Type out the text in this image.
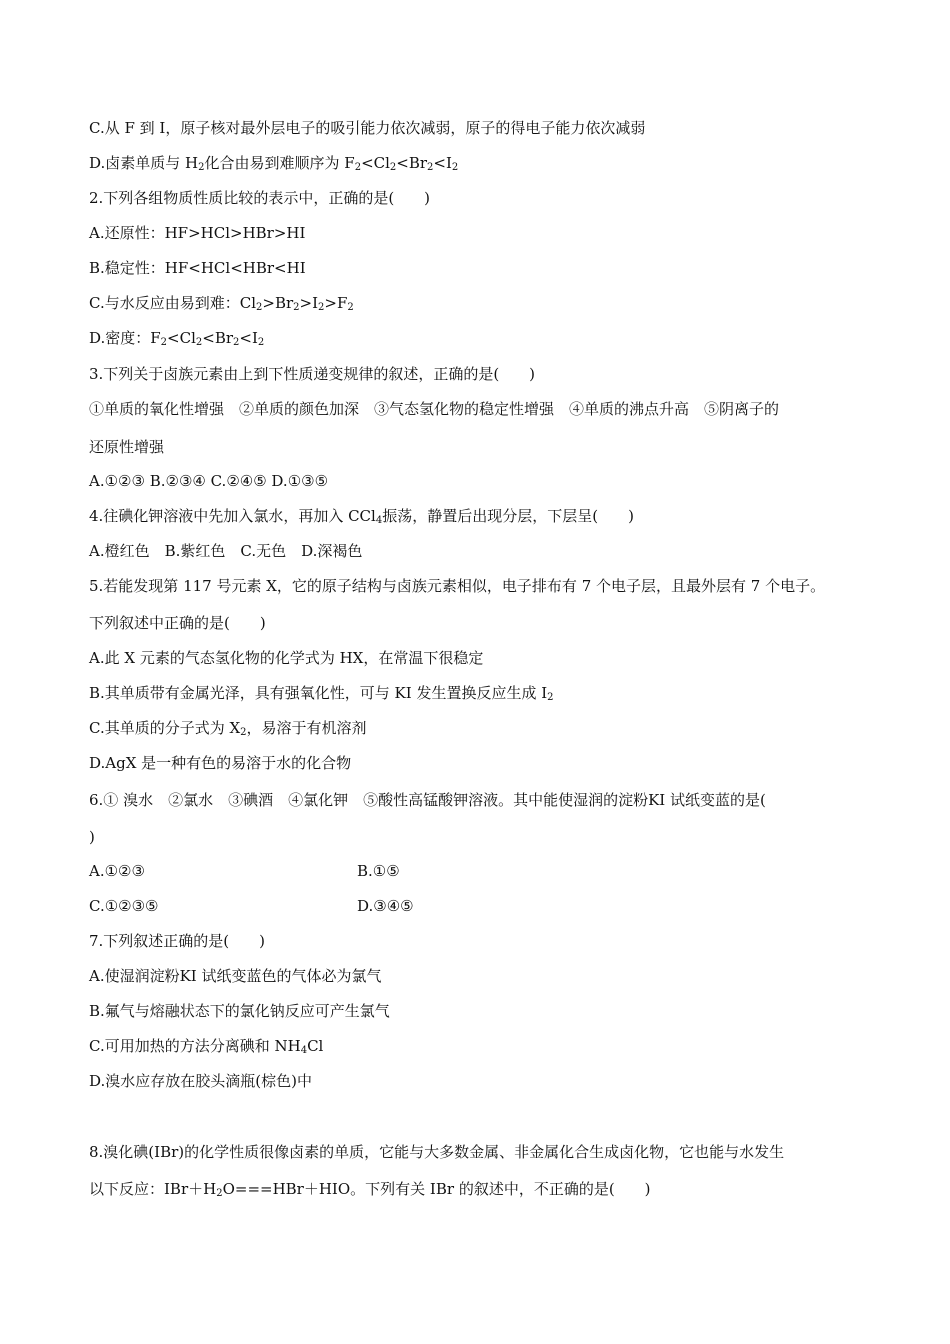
C.从 F 到 I，原子核对最外层电子的吸引能力依次减弱，原子的得电子能力依次减弱
D.卤素单质与 $H_2$化合由易到难顺序为 $F_2<Cl_2<Br_2<I_2$
2.下列各组物质性质比较的表示中，正确的是(　　)
A.还原性：HF>HCl>HBr>HI
B.稳定性：HF<HCl<HBr<HI
C.与水反应由易到难：$Cl_2>Br_2>I_2>F_2$
D.密度：$F_2<Cl_2<Br_2<I_2$
3.下列关于卤族元素由上到下性质递变规律的叙述，正确的是(　　)
①单质的氧化性增强　②单质的颜色加深　③气态氢化物的稳定性增强　④单质的沸点升高　⑤阴离子的
还原性增强
A.①②③ B.②③④ C.②④⑤ D.①③⑤
4.往碘化钾溶液中先加入氯水，再加入 CCl$_4$振荡，静置后出现分层，下层呈(　　)
A.橙红色　B.紫红色　C.无色　D.深褐色
5.若能发现第 117 号元素 X，它的原子结构与卤族元素相似，电子排布有 7 个电子层，且最外层有 7 个电子。
下列叙述中正确的是(　　)
A.此 X 元素的气态氢化物的化学式为 HX，在常温下很稳定
B.其单质带有金属光泽，具有强氧化性，可与 KI 发生置换反应生成 $I_2$
C.其单质的分子式为 $X_2$，易溶于有机溶剂
D.AgX 是一种有色的易溶于水的化合物
6.① 溴水　②氯水　③碘酒　④氯化钾　⑤酸性高锰酸钾溶液。其中能使湿润的淀粉KI 试纸变蓝的是(
)
A.①②③	B.①⑤
C.①②③⑤	D.③④⑤
7.下列叙述正确的是(　　)
A.使湿润淀粉KI 试纸变蓝色的气体必为氯气
B.氟气与熔融状态下的氯化钠反应可产生氯气
C.可用加热的方法分离碘和 $NH_4Cl$
D.溴水应存放在胶头滴瓶(棕色)中
8.溴化碘(IBr)的化学性质很像卤素的单质，它能与大多数金属、非金属化合生成卤化物，它也能与水发生
以下反应：$IBr+H_2O===HBr+HIO$。下列有关 IBr 的叙述中，不正确的是(　　)
